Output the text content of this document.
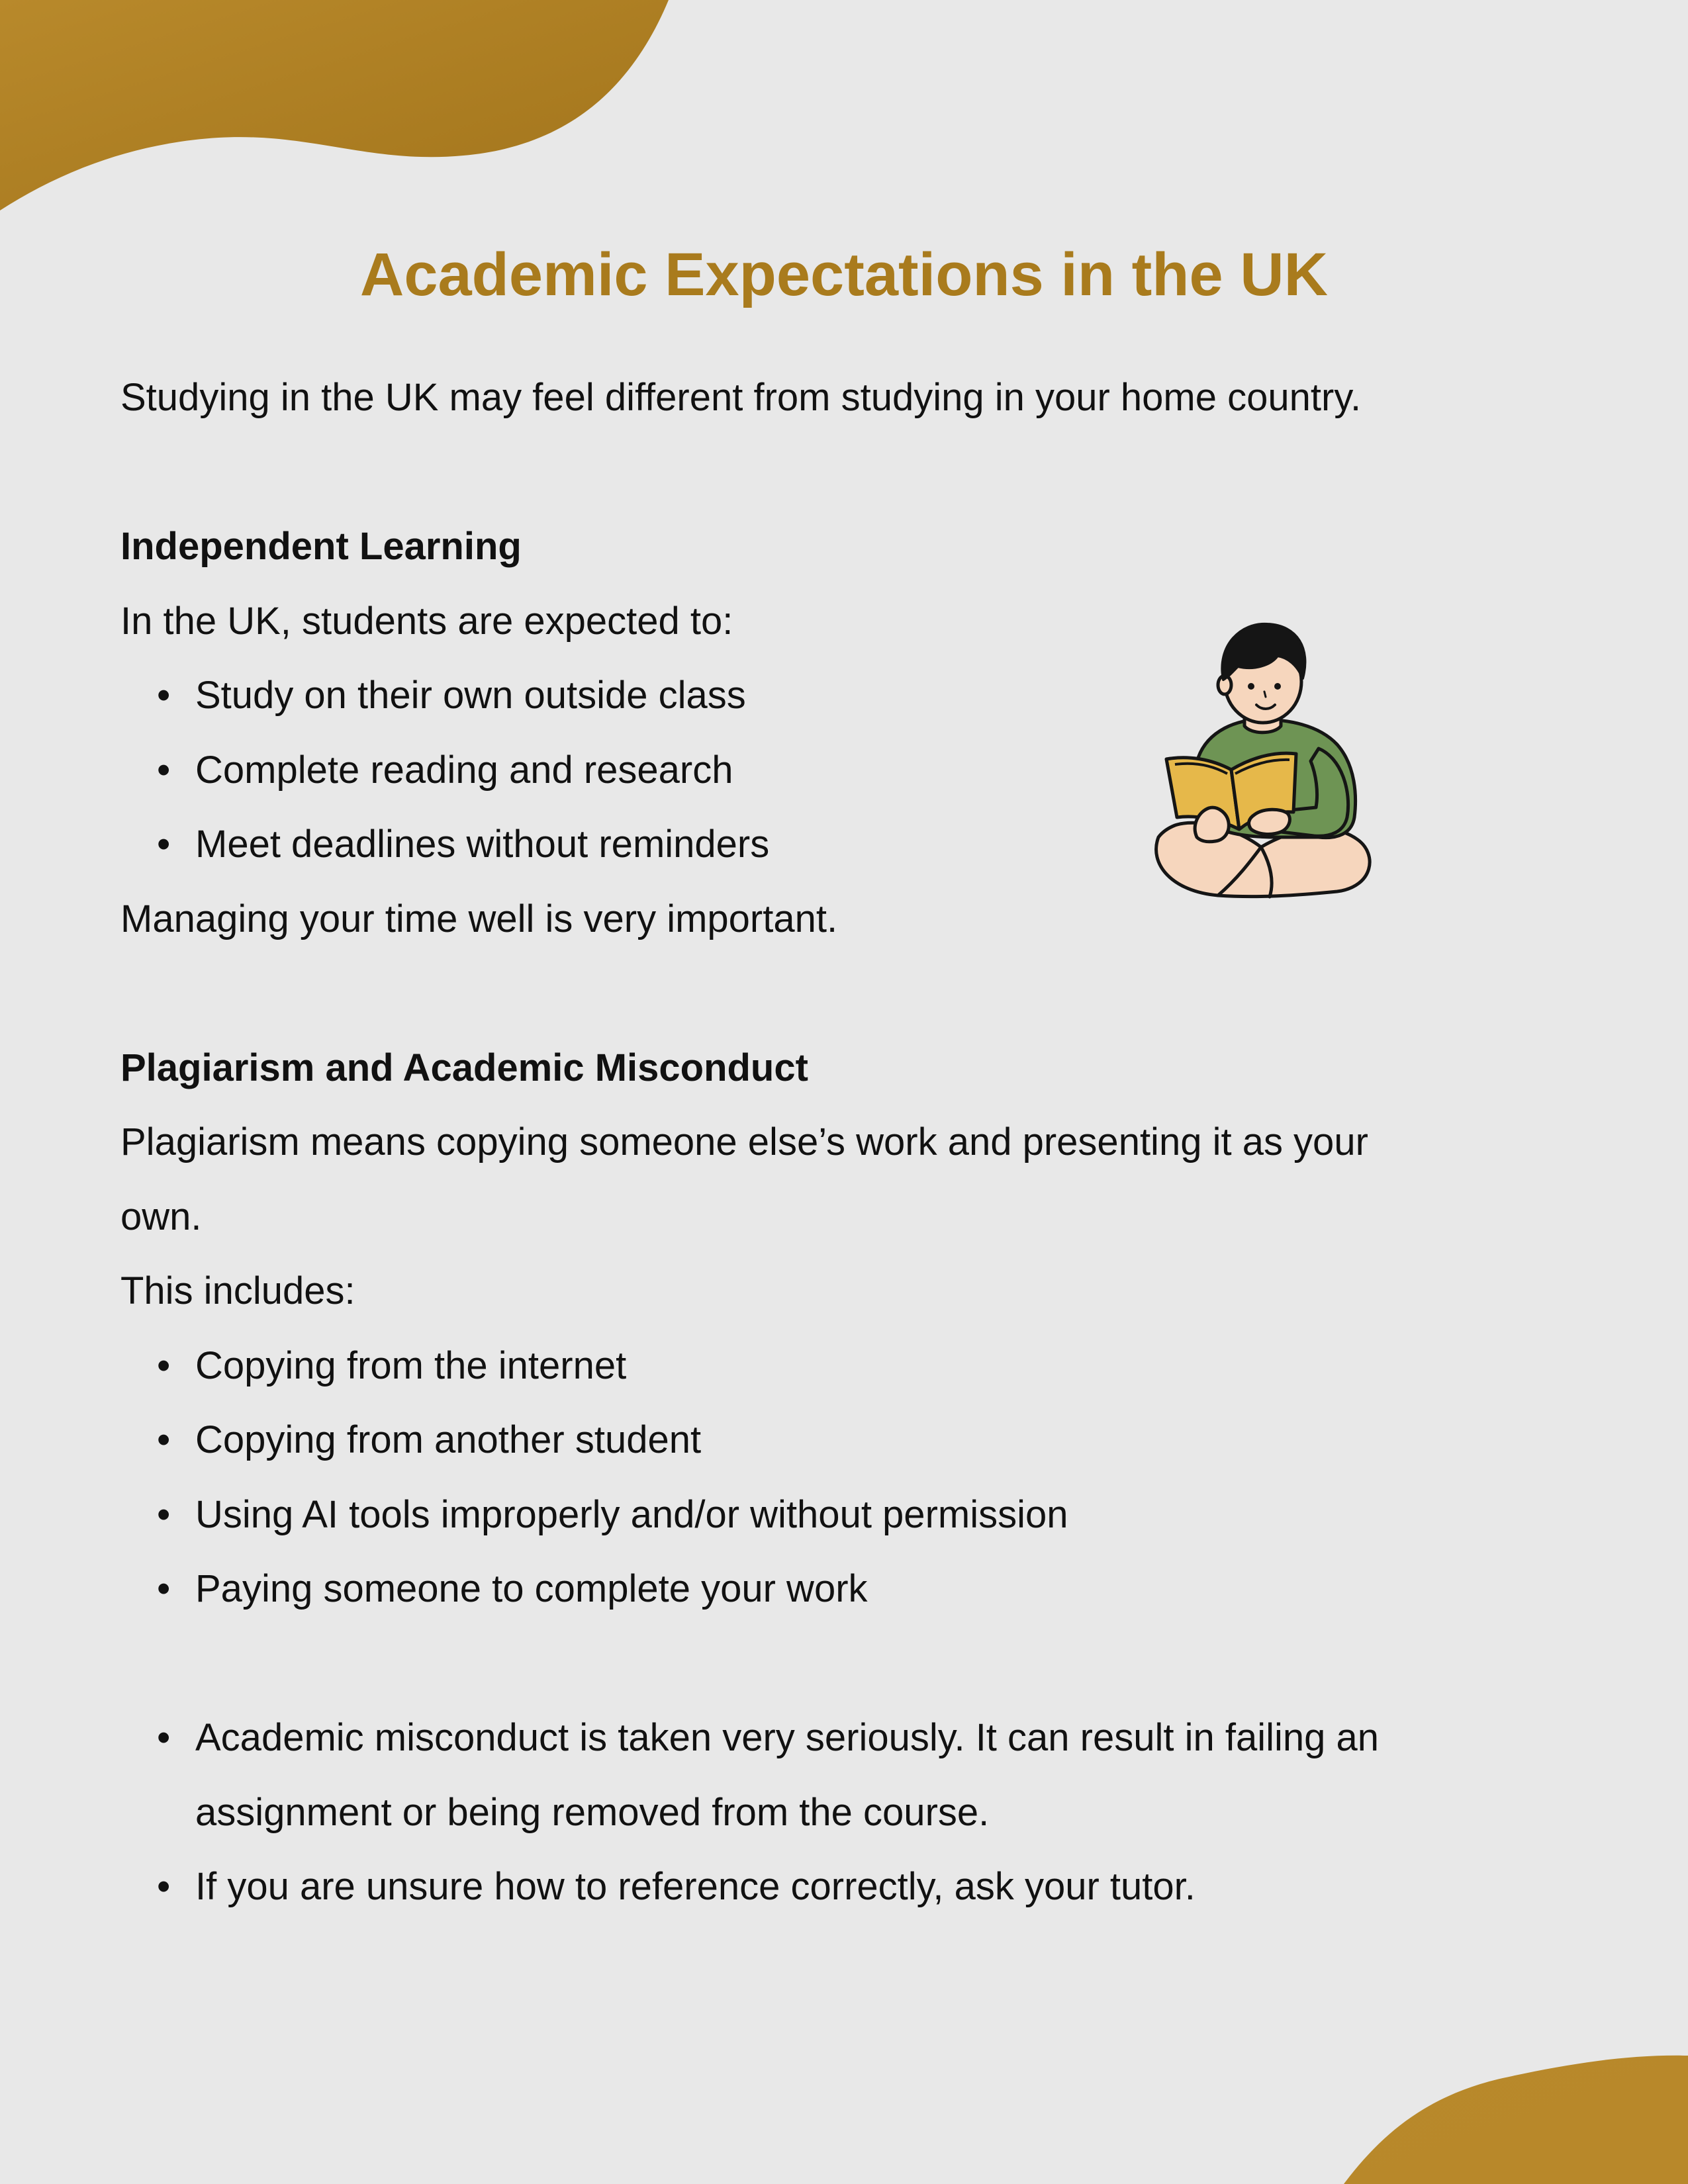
Academic Expectations in the UK

Studying in the UK may feel different from studying in your home country.

Independent Learning

In the UK, students are expected to:

• Study on their own outside class
• Complete reading and research
• Meet deadlines without reminders

Managing your time well is very important.

Plagiarism and Academic Misconduct

Plagiarism means copying someone else’s work and presenting it as your
own.

This includes:

• Copying from the internet
• Copying from another student
• Using AI tools improperly and/or without permission
• Paying someone to complete your work
• Academic misconduct is taken very seriously. It can result in failing an
assignment or being removed from the course.
• If you are unsure how to reference correctly, ask your tutor.
